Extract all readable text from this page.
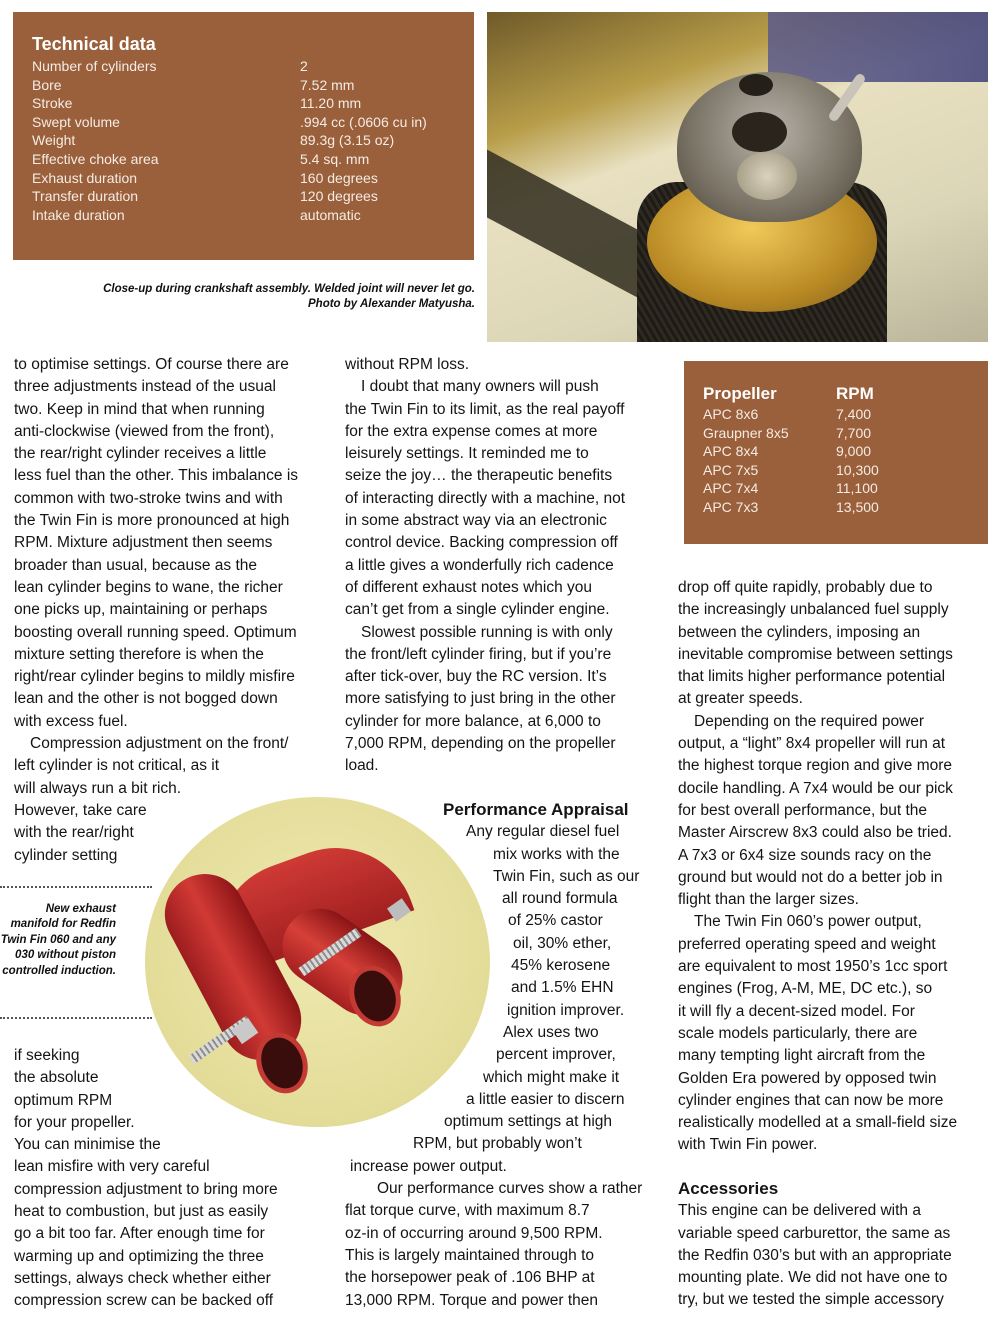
Technical data
Number of cylinders	2
Bore	7.52 mm
Stroke	11.20 mm
Swept volume	.994 cc (.0606 cu in)
Weight	89.3g (3.15 oz)
Effective choke area	5.4 sq. mm
Exhaust duration	160 degrees
Transfer duration	120 degrees
Intake duration	automatic
Close-up during crankshaft assembly. Welded joint will never let go.
Photo by Alexander Matyusha.
Propeller	RPM
APC 8x6	7,400
Graupner 8x5	7,700
APC 8x4	9,000
APC 7x5	10,300
APC 7x4	11,100
APC 7x3	13,500
to optimise settings. Of course there are
three adjustments instead of the usual
two. Keep in mind that when running
anti-clockwise (viewed from the front),
the rear/right cylinder receives a little
less fuel than the other. This imbalance is
common with two-stroke twins and with
the Twin Fin is more pronounced at high
RPM. Mixture adjustment then seems
broader than usual, because as the
lean cylinder begins to wane, the richer
one picks up, maintaining or perhaps
boosting overall running speed. Optimum
mixture setting therefore is when the
right/rear cylinder begins to mildly misfire
lean and the other is not bogged down
with excess fuel.
Compression adjustment on the front/
left cylinder is not critical, as it
will always run a bit rich.
However, take care
with the rear/right
cylinder setting
if seeking
the absolute
optimum RPM
for your propeller.
You can minimise the
lean misfire with very careful
compression adjustment to bring more
heat to combustion, but just as easily
go a bit too far. After enough time for
warming up and optimizing the three
settings, always check whether either
compression screw can be backed off
New exhaust manifold for Redfin Twin Fin 060 and any 030 without piston controlled induction.
without RPM loss.
I doubt that many owners will push
the Twin Fin to its limit, as the real payoff
for the extra expense comes at more
leisurely settings. It reminded me to
seize the joy… the therapeutic benefits
of interacting directly with a machine, not
in some abstract way via an electronic
control device. Backing compression off
a little gives a wonderfully rich cadence
of different exhaust notes which you
can’t get from a single cylinder engine.
Slowest possible running is with only
the front/left cylinder firing, but if you’re
after tick-over, buy the RC version. It’s
more satisfying to just bring in the other
cylinder for more balance, at 6,000 to
7,000 RPM, depending on the propeller
load.
Performance Appraisal
Any regular diesel fuel
mix works with the
Twin Fin, such as our
all round formula
of 25% castor
oil, 30% ether,
45% kerosene
and 1.5% EHN
ignition improver.
Alex uses two
percent improver,
which might make it
a little easier to discern
optimum settings at high
RPM, but probably won’t
increase power output.
Our performance curves show a rather
flat torque curve, with maximum 8.7
oz-in of occurring around 9,500 RPM.
This is largely maintained through to
the horsepower peak of .106 BHP at
13,000 RPM. Torque and power then
drop off quite rapidly, probably due to
the increasingly unbalanced fuel supply
between the cylinders, imposing an
inevitable compromise between settings
that limits higher performance potential
at greater speeds.
Depending on the required power
output, a “light” 8x4 propeller will run at
the highest torque region and give more
docile handling. A 7x4 would be our pick
for best overall performance, but the
Master Airscrew 8x3 could also be tried.
A 7x3 or 6x4 size sounds racy on the
ground but would not do a better job in
flight than the larger sizes.
The Twin Fin 060’s power output,
preferred operating speed and weight
are equivalent to most 1950’s 1cc sport
engines (Frog, A-M, ME, DC etc.), so
it will fly a decent-sized model. For
scale models particularly, there are
many tempting light aircraft from the
Golden Era powered by opposed twin
cylinder engines that can now be more
realistically modelled at a small-field size
with Twin Fin power.
Accessories
This engine can be delivered with a
variable speed carburettor, the same as
the Redfin 030’s but with an appropriate
mounting plate. We did not have one to
try, but we tested the simple accessory
